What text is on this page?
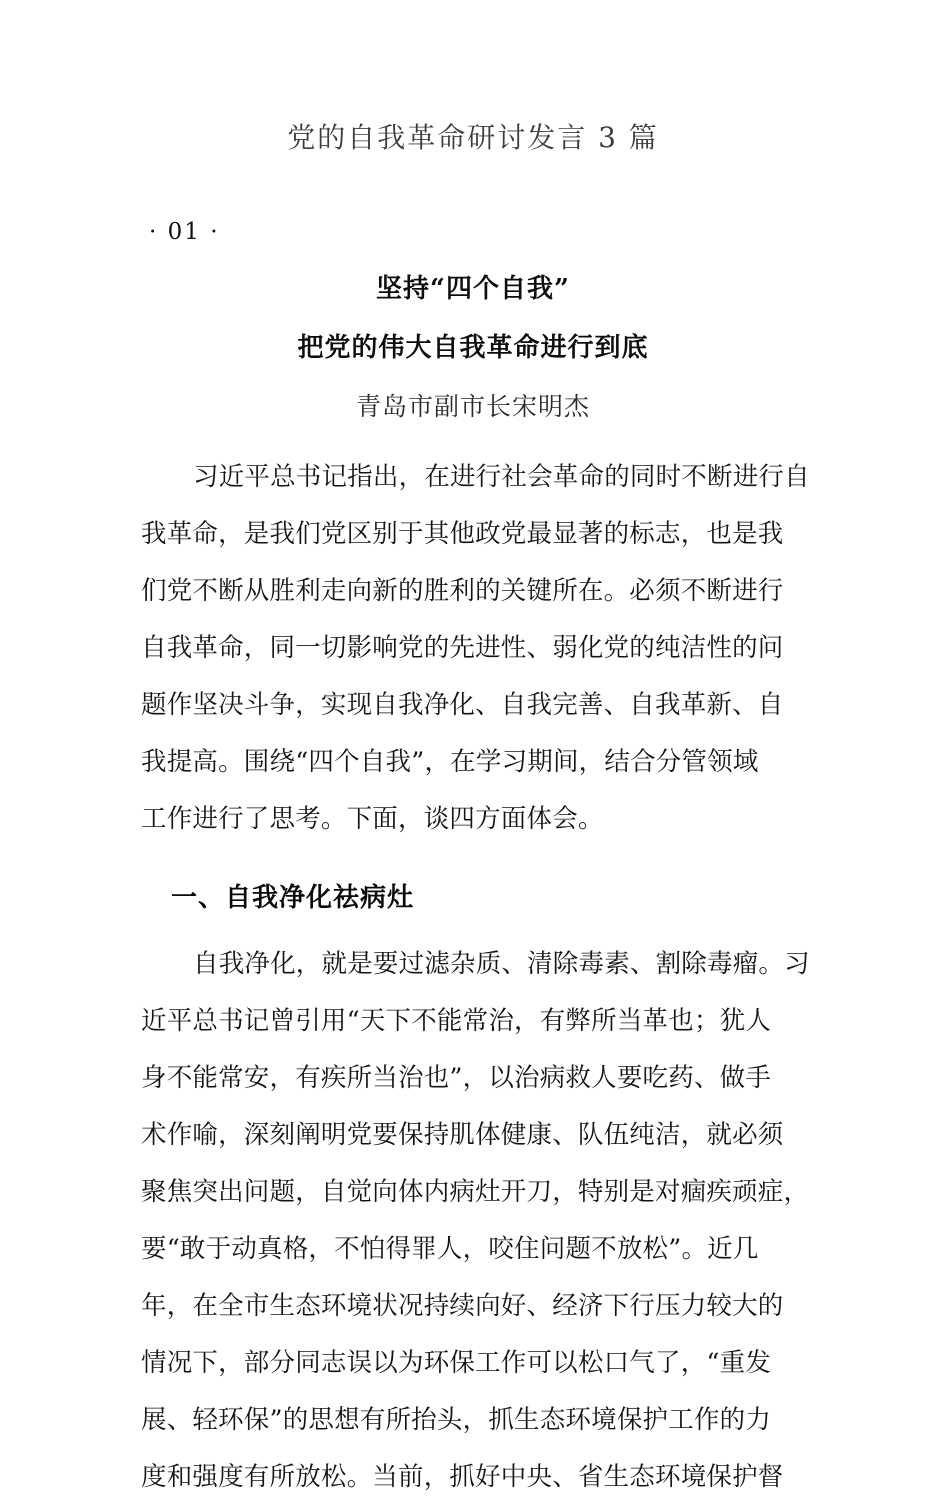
党的自我革命研讨发言 3 篇
· 01 ·
坚持“四个自我”
把党的伟大自我革命进行到底
青岛市副市长宋明杰

习近平总书记指出，在进行社会革命的同时不断进行自
我革命，是我们党区别于其他政党最显著的标志，也是我
们党不断从胜利走向新的胜利的关键所在。必须不断进行
自我革命，同一切影响党的先进性、弱化党的纯洁性的问
题作坚决斗争，实现自我净化、自我完善、自我革新、自
我提高。围绕“四个自我”，在学习期间，结合分管领域
工作进行了思考。下面，谈四方面体会。

一、自我净化祛病灶

自我净化，就是要过滤杂质、清除毒素、割除毒瘤。习
近平总书记曾引用“天下不能常治，有弊所当革也；犹人
身不能常安，有疾所当治也”，以治病救人要吃药、做手
术作喻，深刻阐明党要保持肌体健康、队伍纯洁，就必须
聚焦突出问题，自觉向体内病灶开刀，特别是对痼疾顽症，
要“敢于动真格，不怕得罪人，咬住问题不放松”。近几
年，在全市生态环境状况持续向好、经济下行压力较大的
情况下，部分同志误以为环保工作可以松口气了，“重发
展、轻环保”的思想有所抬头，抓生态环境保护工作的力
度和强度有所放松。当前，抓好中央、省生态环境保护督
